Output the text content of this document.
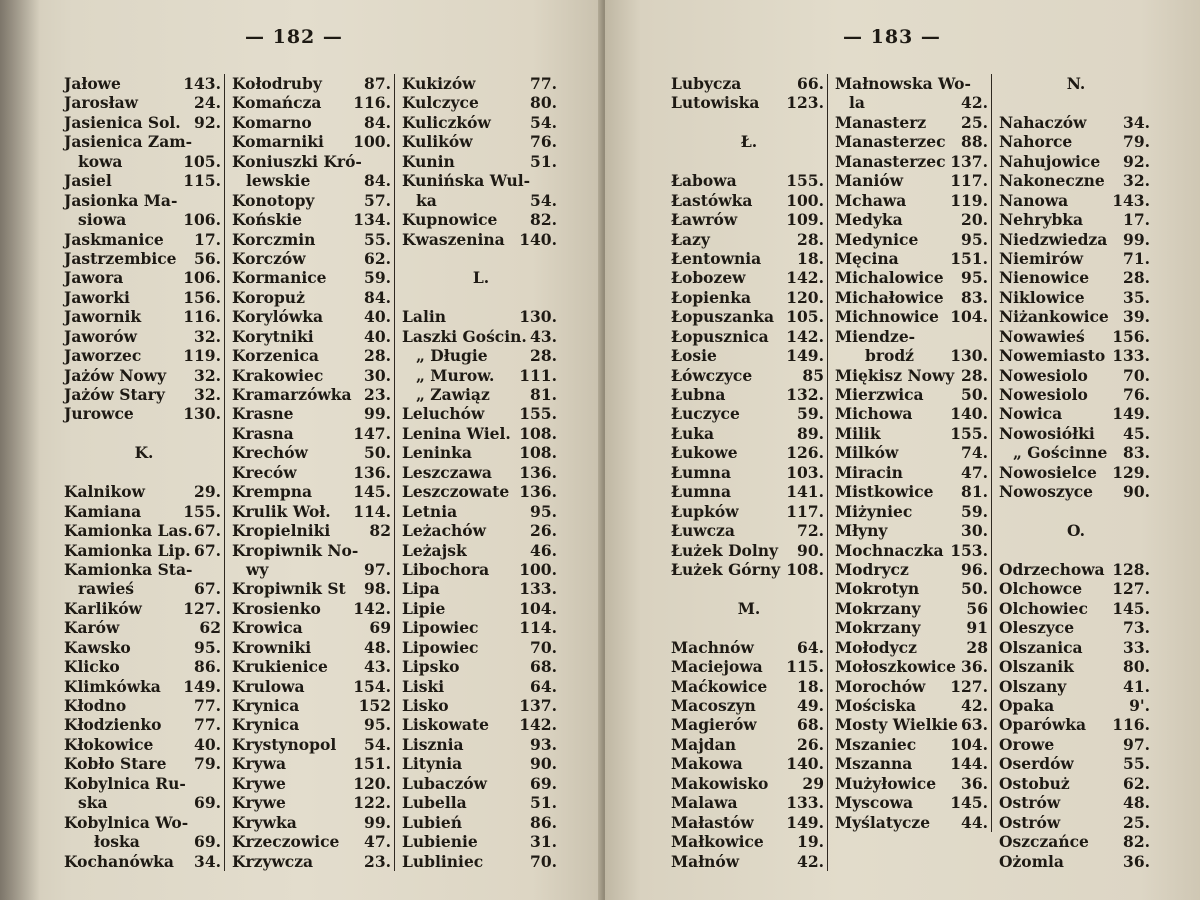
— 182 —
Jałowe	143.
Jarosław	24.
Jasienica Sol. 92.
Jasienica Zam-
kowa	105.
Jasiel	115.
Jasionka Ma-
siowa	106.
Jaskmanice 17.
Jastrzembice 56.
Jawora	106.
Jaworki	156.
Jawornik	116.
Jaworów	32.
Jaworzec	119.
Jażów Nowy 32.
Jażów Stary 32.
Jurowce	130.
K.
Kalnikow	29.
Kamiana	155.
Kamionka Las. 67.
Kamionka Lip. 67.
Kamionka Sta-
rawieś	67.
Karlików	127.
Karów	62
Kawsko	95.
Klicko	86.
Klimkówka 149.
Kłodno	77.
Kłodzienko 77.
Kłokowice	40.
Kobło Stare 79.
Kobylnica Ru-
ska	69.
Kobylnica Wo-
łoska	69.
Kochanówka 34.
Kołodruby	87.
Komańcza 116.
Komarno	84.
Komarniki 100.
Koniuszki Kró-
lewskie	84.
Konotopy	57.
Końskie	134.
Korczmin	55.
Korczów	62.
Kormanice 59.
Koropuż	84.
Korylówka	40.
Korytniki	40.
Korzenica	28.
Krakowiec	30.
Kramarzówka 23.
Krasne	99.
Krasna	147.
Krechów	50.
Kreców	136.
Krempna	145.
Krulik Woł. 114.
Kropielniki	82
Kropiwnik No-
wy	97.
Kropiwnik St 98.
Krosienko 142.
Krowica	69
Krowniki	48.
Krukienice 43.
Krulowa	154.
Krynica	152
Krynica	95.
Krystynopol 54.
Krywa	151.
Krywe	120.
Krywe	122.
Krywka	99.
Krzeczowice 47.
Krzywcza	23.
Kukizów	77.
Kulczyce	80.
Kuliczków	54.
Kulików	76.
Kunin	51.
Kunińska Wul-
ka	54.
Kupnowice 82.
Kwaszenina 140.
L.
Lalin	130.
Laszki Gościn. 43.
„ Długie	28.
„ Murow. 111.
„ Zawiąz	81.
Leluchów 155.
Lenina Wiel. 108.
Leninka	108.
Leszczawa 136.
Leszczowate 136.
Letnia	95.
Leżachów	26.
Leżajsk	46.
Libochora 100.
Lipa	133.
Lipie	104.
Lipowiec	114.
Lipowiec	70.
Lipsko	68.
Liski	64.
Lisko	137.
Liskowate 142.
Lisznia	93.
Litynia	90.
Lubaczów	69.
Lubella	51.
Lubień	86.
Lubienie	31.
Lubliniec	70.
— 183 —
Lubycza	66.
Lutowiska 123.
Ł.
Łabowa	155.
Łastówka 100.
Ławrów	109.
Łazy	28.
Łentownia 18.
Łobozew	142.
Łopienka 120.
Łopuszanka 105.
Łopusznica 142.
Łosie	149.
Łówczyce	85
Łubna	132.
Łuczyce	59.
Łuka	89.
Łukowe	126.
Łumna	103.
Łumna	141.
Łupków	117.
Łuwcza	72.
Łużek Dolny 90.
Łużek Górny 108.
M.
Machnów	64.
Maciejowa 115.
Maćkowice 18.
Macoszyn	49.
Magierów	68.
Majdan	26.
Makowa	140.
Makowisko 29
Malawa	133.
Małastów 149.
Małkowice 19.
Małnów	42.
Małnowska Wo-
la	42.
Manasterz 25.
Manasterzec 88.
Manasterzec 137.
Maniów	117.
Mchawa	119.
Medyka	20.
Medynice	95.
Męcina	151.
Michalowice 95.
Michałowice 83.
Michnowice 104.
Miendze-
brodź 130.
Miękisz Nowy 28.
Mierzwica 50.
Michowa 140.
Milik	155.
Milków	74.
Miracin	47.
Mistkowice 81.
Miżyniec	59.
Młyny	30.
Mochnaczka 153.
Modrycz	96.
Mokrotyn	50.
Mokrzany	56
Mokrzany	91
Mołodycz	28
Mołoszkowice 36.
Morochów 127.
Mościska	42.
Mosty Wielkie 63.
Mszaniec 104.
Mszanna 144.
Mużyłowice 36.
Myscowa 145.
Myślatycze 44.
N.
Nahaczów 34.
Nahorce	79.
Nahujowice 92.
Nakoneczne 32.
Nanowa	143.
Nehrybka	17.
Niedzwiedza 99.
Niemirów	71.
Nienowice 28.
Niklowice 35.
Niżankowice 39.
Nowawieś 156.
Nowemiasto 133.
Nowesiolo 70.
Nowesiolo 76.
Nowica	149.
Nowosiółki 45.
„ Gościnne 83.
Nowosielce 129.
Nowoszyce 90.
O.
Odrzechowa 128.
Olchowce 127.
Olchowiec 145.
Oleszyce	73.
Olszanica	33.
Olszanik	80.
Olszany	41.
Opaka	9'.
Oparówka 116.
Orowe	97.
Oserdów	55.
Ostobuż	62.
Ostrów	48.
Ostrów	25.
Oszczańce 82.
Ożomla	36.
